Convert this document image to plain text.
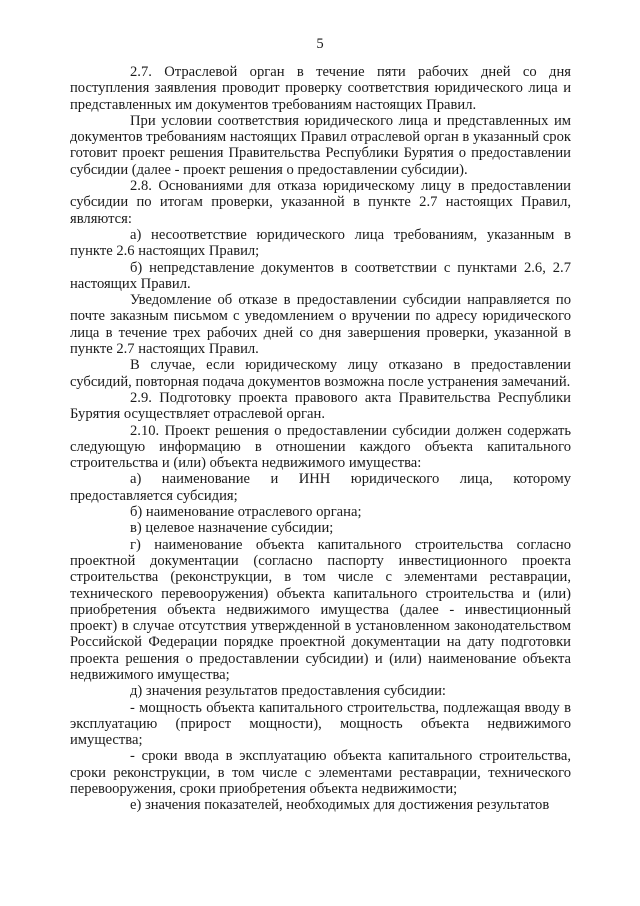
5

2.7. Отраслевой орган в течение пяти рабочих дней со дня поступления заявления проводит проверку соответствия юридического лица и представленных им документов требованиям настоящих Правил.

При условии соответствия юридического лица и представленных им документов требованиям настоящих Правил отраслевой орган в указанный срок готовит проект решения Правительства Республики Бурятия о предоставлении субсидии (далее - проект решения о предоставлении субсидии).

2.8. Основаниями для отказа юридическому лицу в предоставлении субсидии по итогам проверки, указанной в пункте 2.7 настоящих Правил, являются:

а) несоответствие юридического лица требованиям, указанным в пункте 2.6 настоящих Правил;

б) непредставление документов в соответствии с пунктами 2.6, 2.7 настоящих Правил.

Уведомление об отказе в предоставлении субсидии направляется по почте заказным письмом с уведомлением о вручении по адресу юридического лица в течение трех рабочих дней со дня завершения проверки, указанной в пункте 2.7 настоящих Правил.

В случае, если юридическому лицу отказано в предоставлении субсидий, повторная подача документов возможна после устранения замечаний.

2.9. Подготовку проекта правового акта Правительства Республики Бурятия осуществляет отраслевой орган.

2.10. Проект решения о предоставлении субсидии должен содержать следующую информацию в отношении каждого объекта капитального строительства и (или) объекта недвижимого имущества:

а) наименование и ИНН юридического лица, которому предоставляется субсидия;

б) наименование отраслевого органа;

в) целевое назначение субсидии;

г) наименование объекта капитального строительства согласно проектной документации (согласно паспорту инвестиционного проекта строительства (реконструкции, в том числе с элементами реставрации, технического перевооружения) объекта капитального строительства и (или) приобретения объекта недвижимого имущества (далее - инвестиционный проект) в случае отсутствия утвержденной в установленном законодательством Российской Федерации порядке проектной документации на дату подготовки проекта решения о предоставлении субсидии) и (или) наименование объекта недвижимого имущества;

д) значения результатов предоставления субсидии:

- мощность объекта капитального строительства, подлежащая вводу в эксплуатацию (прирост мощности), мощность объекта недвижимого имущества;

- сроки ввода в эксплуатацию объекта капитального строительства, сроки реконструкции, в том числе с элементами реставрации, технического перевооружения, сроки приобретения объекта недвижимости;

е) значения показателей, необходимых для достижения результатов
